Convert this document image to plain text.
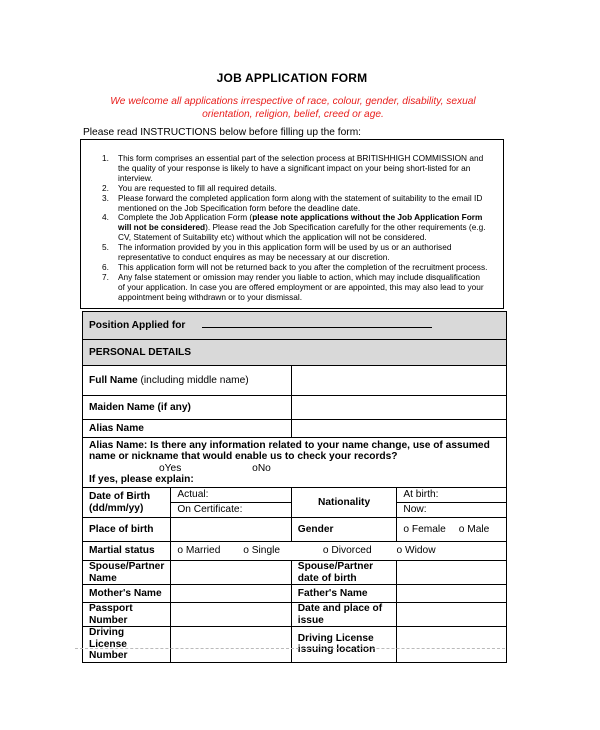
JOB APPLICATION FORM
We welcome all applications irrespective of race, colour, gender, disability, sexual orientation, religion, belief, creed or age.
Please read INSTRUCTIONS below before filling up the form:
1. This form comprises an essential part of the selection process at BRITISHHIGH COMMISSION and the quality of your response is likely to have a significant impact on your being short-listed for an interview.
2. You are requested to fill all required details.
3. Please forward the completed application form along with the statement of suitability to the email ID mentioned on the Job Specification form before the deadline date.
4. Complete the Job Application Form (please note applications without the Job Application Form will not be considered). Please read the Job Specification carefully for the other requirements (e.g. CV, Statement of Suitability etc) without which the application will not be considered.
5. The information provided by you in this application form will be used by us or an authorised representative to conduct enquires as may be necessary at our discretion.
6. This application form will not be returned back to you after the completion of the recruitment process.
7. Any false statement or omission may render you liable to action, which may include disqualification of your application. In case you are offered employment or are appointed, this may also lead to your appointment being withdrawn or to your dismissal.
Position Applied for			
PERSONAL DETAILS			
Full Name (including middle name)			
Maiden Name (if any)			
Alias Name			

Alias Name: Is there any information related to your name change, use of assumed name or nickname that would enable us to check your records?
oYes oNo
If yes, please explain:			

Date of Birth (dd/mm/yy)	Actual:	Nationality	At birth:
	On Certificate:		Now:
Place of birth		Gender	o Female o Male
Martial status	o Married o Single o Divorced o Widow		
Spouse/Partner Name		Spouse/Partner date of birth	
Mother's Name		Father's Name	
Passport Number		Date and place of issue	
Driving License Number		Driving License issuing location	
